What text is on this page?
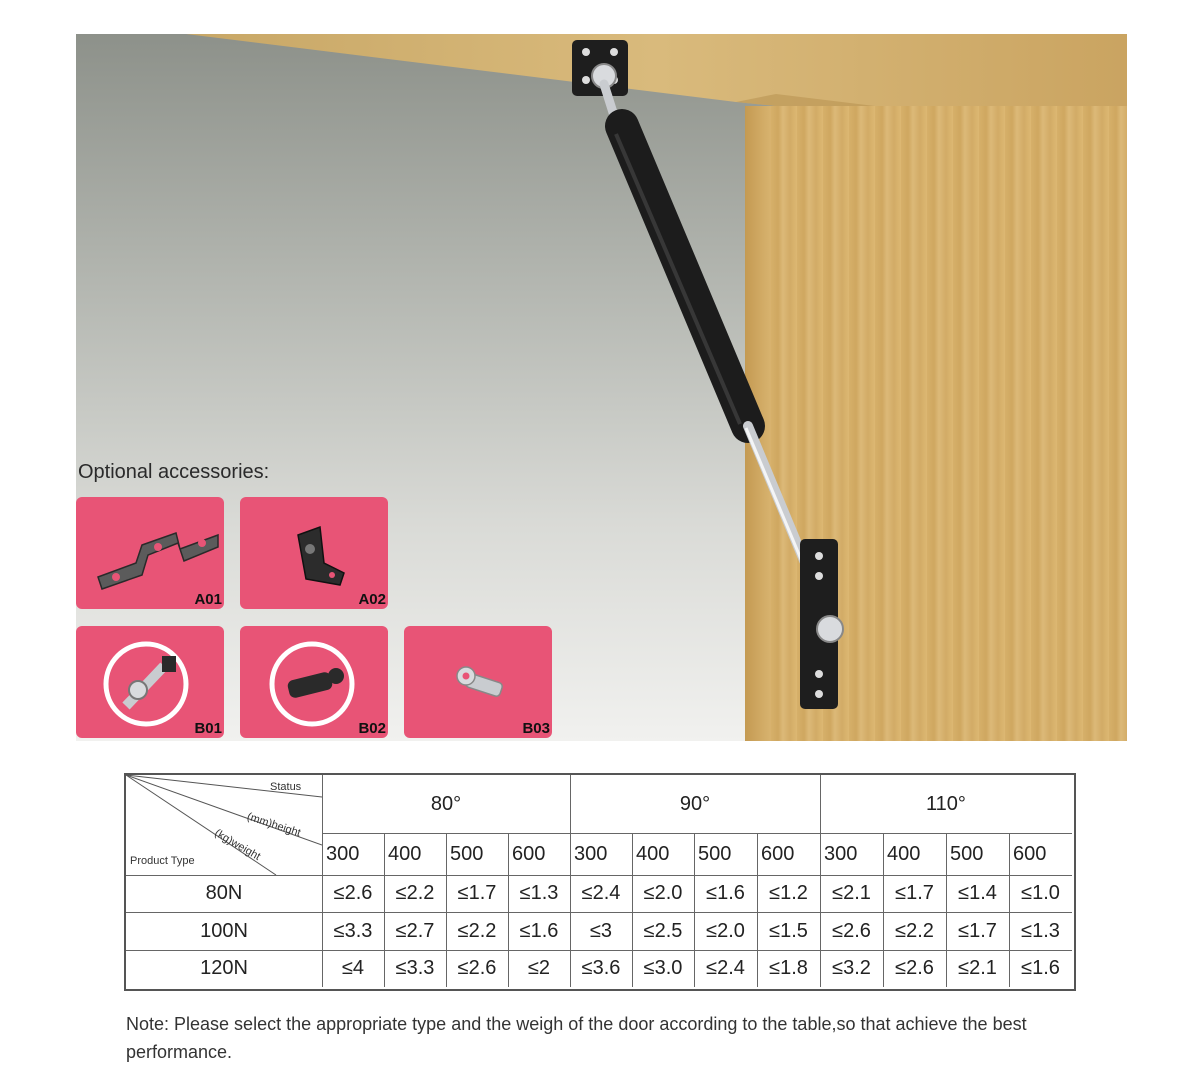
Optional accessories:
A01	A02
B01	B02	B03
Status
(mm)height
(kg)weight
Product Type
80°	90°	110°
300	400	500	600	300	400	500	600	300	400	500	600
80N	≤2.6	≤2.2	≤1.7	≤1.3	≤2.4	≤2.0	≤1.6	≤1.2	≤2.1	≤1.7	≤1.4	≤1.0
100N	≤3.3	≤2.7	≤2.2	≤1.6	≤3	≤2.5	≤2.0	≤1.5	≤2.6	≤2.2	≤1.7	≤1.3
120N	≤4	≤3.3	≤2.6	≤2	≤3.6	≤3.0	≤2.4	≤1.8	≤3.2	≤2.6	≤2.1	≤1.6
Note: Please select the appropriate type and the weigh of the door according to the table,so that achieve the best performance.
